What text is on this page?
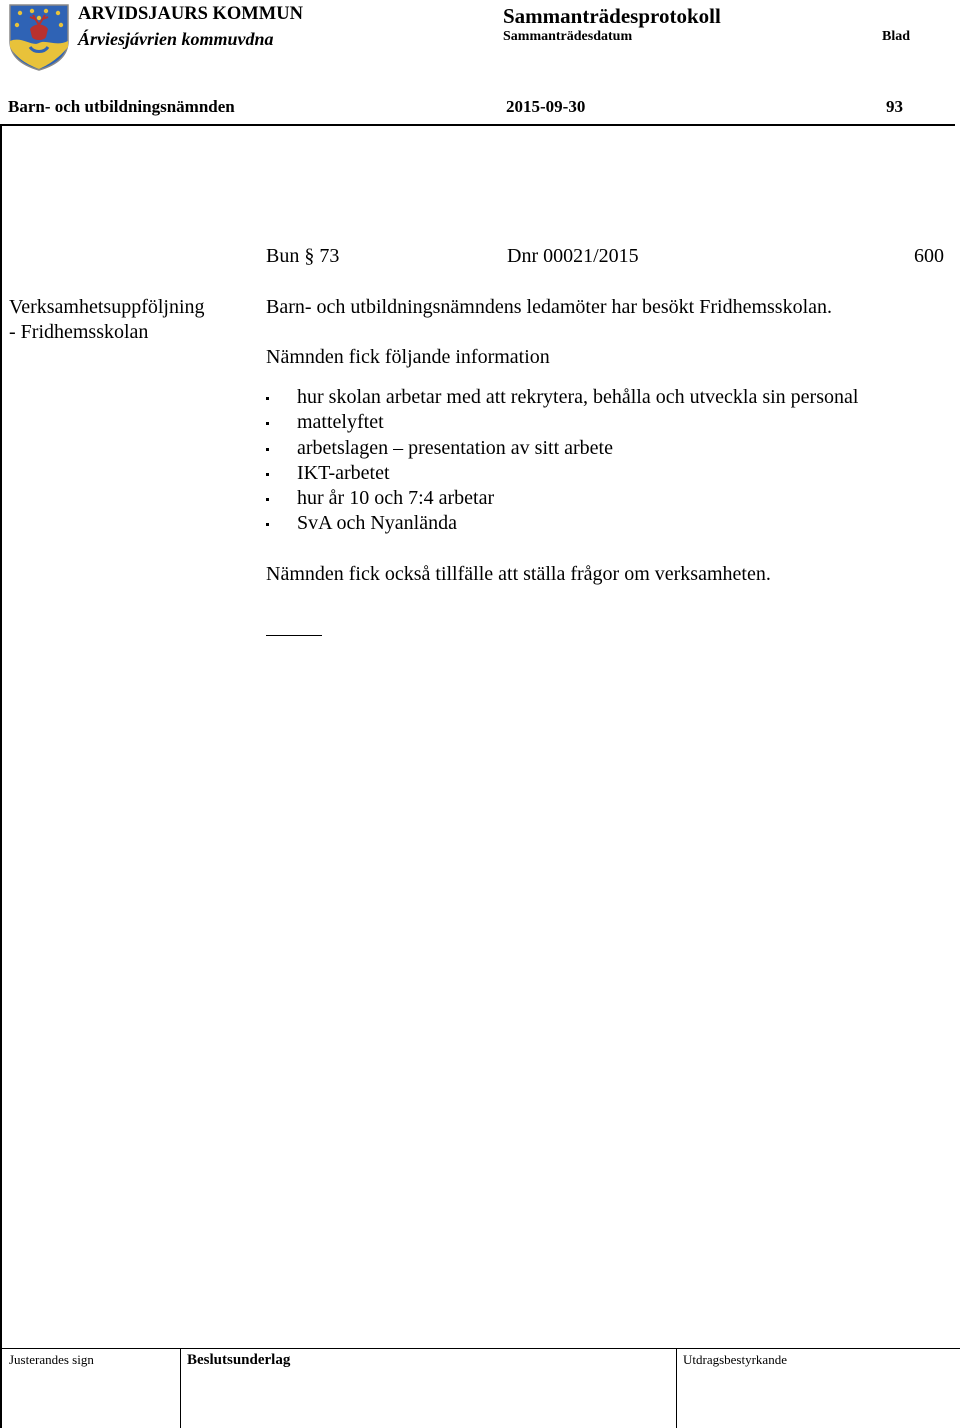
ARVIDSJAURS KOMMUN
Árviesjávrien kommuvdna
Sammanträdesprotokoll
Sammanträdesdatum	Blad
Barn- och utbildningsnämnden	2015-09-30	93
Bun § 73	Dnr 00021/2015	600
Verksamhetsuppföljning
- Fridhemsskolan
Barn- och utbildningsnämndens ledamöter har besökt Fridhemsskolan.
Nämnden fick följande information
hur skolan arbetar med att rekrytera, behålla och utveckla sin personal
mattelyftet
arbetslagen – presentation av sitt arbete
IKT-arbetet
hur år 10 och 7:4 arbetar
SvA och Nyanlända
Nämnden fick också tillfälle att ställa frågor om verksamheten.
Justerandes sign	Beslutsunderlag	Utdragsbestyrkande
